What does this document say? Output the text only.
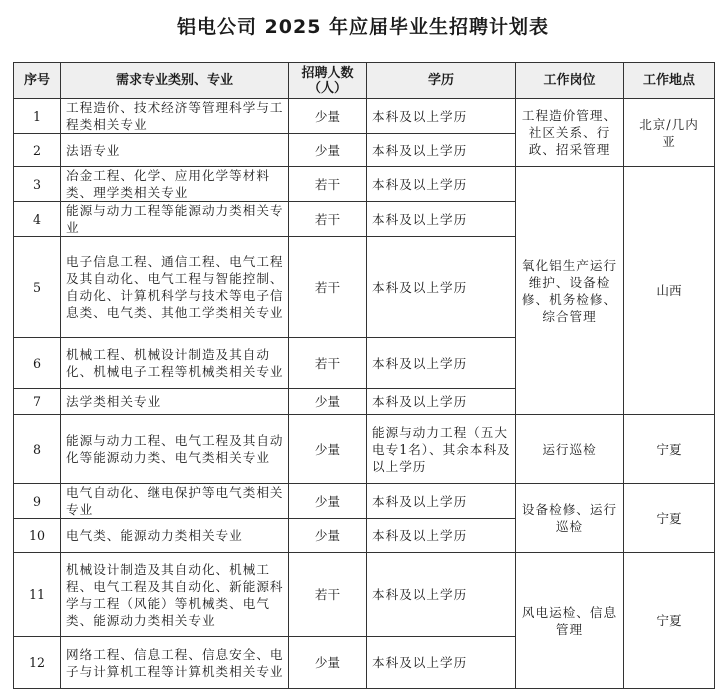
铝电公司 2025 年应届毕业生招聘计划表
序号	需求专业类别、专业	招聘人数（人）	学历	工作岗位	工作地点
1	工程造价、技术经济等管理科学与工程类相关专业	少量	本科及以上学历	工程造价管理、社区关系、行政、招采管理	北京/几内亚
2	法语专业	少量	本科及以上学历		
3	冶金工程、化学、应用化学等材料类、理学类相关专业	若干	本科及以上学历	氧化铝生产运行维护、设备检修、机务检修、综合管理	山西
4	能源与动力工程等能源动力类相关专业	若干	本科及以上学历		
5	电子信息工程、通信工程、电气工程及其自动化、电气工程与智能控制、自动化、计算机科学与技术等电子信息类、电气类、其他工学类相关专业	若干	本科及以上学历		
6	机械工程、机械设计制造及其自动化、机械电子工程等机械类相关专业	若干	本科及以上学历		
7	法学类相关专业	少量	本科及以上学历		
8	能源与动力工程、电气工程及其自动化等能源动力类、电气类相关专业	少量	能源与动力工程（五大电专1名）、其余本科及以上学历	运行巡检	宁夏
9	电气自动化、继电保护等电气类相关专业	少量	本科及以上学历	设备检修、运行巡检	宁夏
10	电气类、能源动力类相关专业	少量	本科及以上学历		
11	机械设计制造及其自动化、机械工程、电气工程及其自动化、新能源科学与工程（风能）等机械类、电气类、能源动力类相关专业	若干	本科及以上学历	风电运检、信息管理	宁夏
12	网络工程、信息工程、信息安全、电子与计算机工程等计算机类相关专业	少量	本科及以上学历		
